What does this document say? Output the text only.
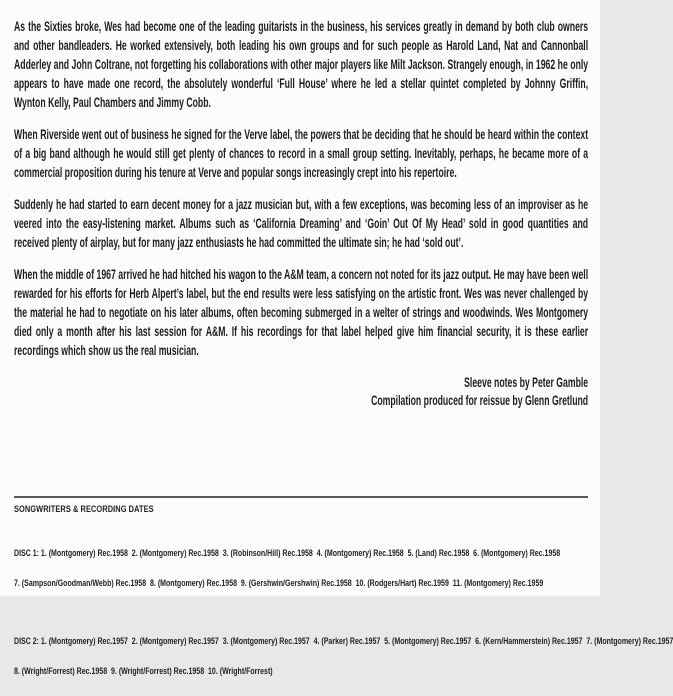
As the Sixties broke, Wes had become one of the leading guitarists in the business, his services greatly in demand by both club owners and other bandleaders. He worked extensively, both leading his own groups and for such people as Harold Land, Nat and Cannonball Adderley and John Coltrane, not forgetting his collaborations with other major players like Milt Jackson. Strangely enough, in 1962 he only appears to have made one record, the absolutely wonderful ‘Full House’ where he led a stellar quintet completed by Johnny Griffin, Wynton Kelly, Paul Chambers and Jimmy Cobb.

When Riverside went out of business he signed for the Verve label, the powers that be deciding that he should be heard within the context of a big band although he would still get plenty of chances to record in a small group setting. Inevitably, perhaps, he became more of a commercial proposition during his tenure at Verve and popular songs increasingly crept into his repertoire.

Suddenly he had started to earn decent money for a jazz musician but, with a few exceptions, was becoming less of an improviser as he veered into the easy-listening market. Albums such as ‘California Dreaming’ and ‘Goin’ Out Of My Head’ sold in good quantities and received plenty of airplay, but for many jazz enthusiasts he had committed the ultimate sin; he had ‘sold out’.

When the middle of 1967 arrived he had hitched his wagon to the A&M team, a concern not noted for its jazz output. He may have been well rewarded for his efforts for Herb Alpert’s label, but the end results were less satisfying on the artistic front. Wes was never challenged by the material he had to negotiate on his later albums, often becoming submerged in a welter of strings and woodwinds. Wes Montgomery died only a month after his last session for A&M. If his recordings for that label helped give him financial security, it is these earlier recordings which show us the real musician.

Sleeve notes by Peter Gamble

Compilation produced for reissue by Glenn Gretlund

SONGWRITERS & RECORDING DATES

DISC 1: 1. (Montgomery) Rec.1958  2. (Montgomery) Rec.1958  3. (Robinson/Hill) Rec.1958  4. (Montgomery) Rec.1958  5. (Land) Rec.1958  6. (Montgomery) Rec.1958

7. (Sampson/Goodman/Webb) Rec.1958  8. (Montgomery) Rec.1958  9. (Gershwin/Gershwin) Rec.1958  10. (Rodgers/Hart) Rec.1959  11. (Montgomery) Rec.1959

DISC 2: 1. (Montgomery) Rec.1957  2. (Montgomery) Rec.1957  3. (Montgomery) Rec.1957  4. (Parker) Rec.1957  5. (Montgomery) Rec.1957  6. (Kern/Hammerstein) Rec.1957  7. (Montgomery) Rec.1957

8. (Wright/Forrest) Rec.1958  9. (Wright/Forrest) Rec.1958  10. (Wright/Forrest)
